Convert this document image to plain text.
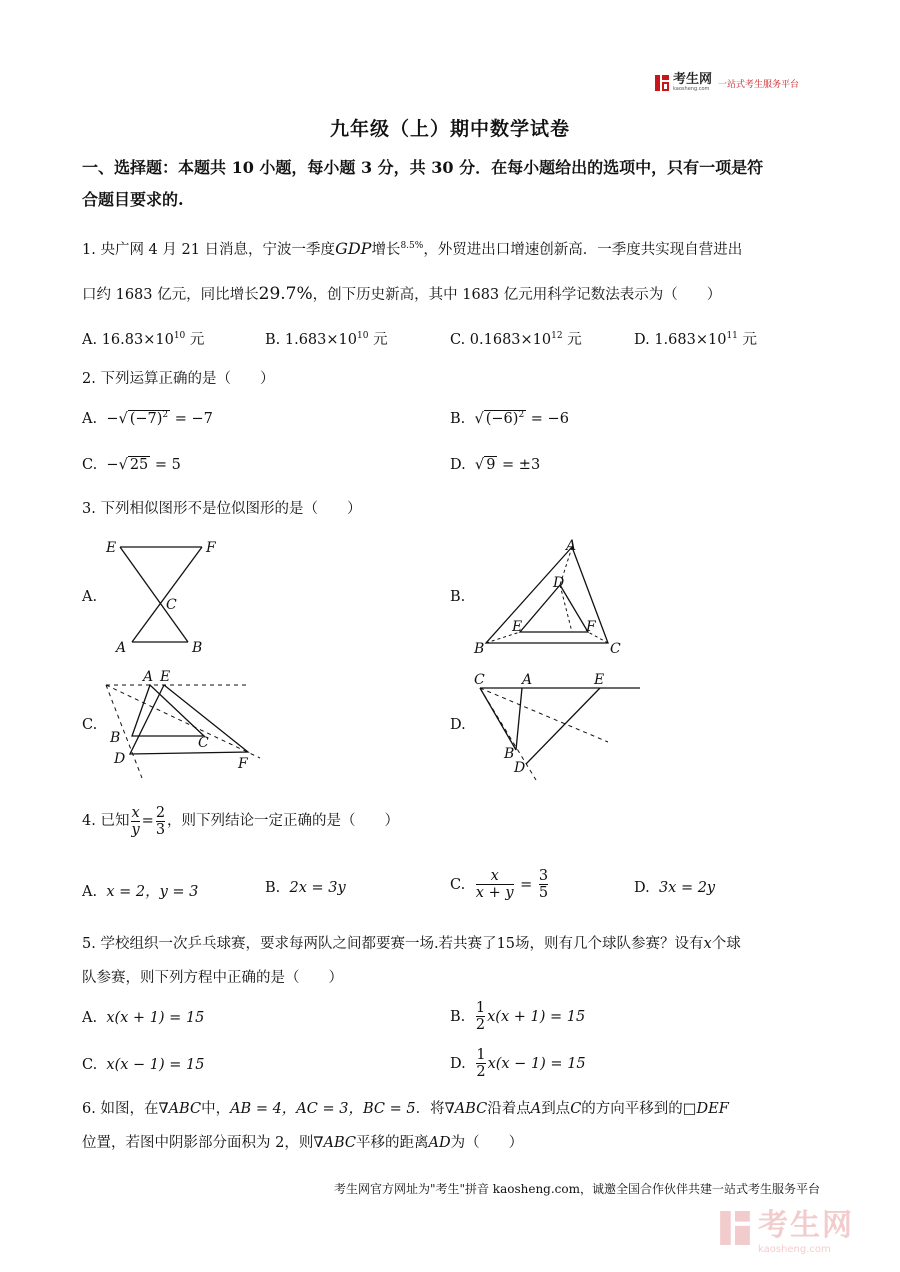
考生网
kaosheng.com 一站式考生服务平台
九年级（上）期中数学试卷
一、选择题：本题共 10 小题，每小题 3 分，共 30 分．在每小题给出的选项中，只有一项是符
合题目要求的.
1. 央广网 4 月 21 日消息，宁波一季度GDP增长$^{8.5\%}$，外贸进出口增速创新高．一季度共实现自营进出
口约 1683 亿元，同比增长29.7%，创下历史新高，其中 1683 亿元用科学记数法表示为（　　）
A. $16.83\times 10^{10}$ 元	B. $1.683\times 10^{10}$ 元	C. $0.1683\times 10^{12}$ 元	D. $1.683\times 10^{11}$ 元
2. 下列运算正确的是（　　）
A. −√ $(-7)^2 = -7$	B.  √ $(-6)^2 = -6$
C. −√ 25 = 5	D.  √ 9 = ±3
3. 下列相似图形不是位似图形的是（　　）
A.	B.
C.	D.
E	F
C
A	B
A
D
E	F
B	C
A E
B	C
D	F
C	A	E
B
D
4. 已知 $\frac{x}{y} = \frac{2}{3}$ ，则下列结论一定正确的是（　　）
A. x = 2，y = 3	B. 2x = 3y	C.
$\frac{x}{x + y} = \frac{3}{5}$	D. 3x = 2y
5. 学校组织一次乒乓球赛，要求每两队之间都要赛一场.若共赛了15场，则有几个球队参赛？设有x个球
队参赛，则下列方程中正确的是（　　）
A. x(x + 1) = 15	B.
$\frac{1}{2} x(x + 1) = 15$
C. x(x − 1) = 15	D.
$\frac{1}{2} x(x - 1) = 15$
6. 如图，在∇ABC中，AB = 4，AC = 3，BC = 5．将∇ABC沿着点A到点C的方向平移到的□DEF
位置，若图中阴影部分面积为 2，则∇ABC平移的距离AD为（　　）
考生网官方网址为"考生"拼音 kaosheng.com，诚邀全国合作伙伴共建一站式考生服务平台
考生网
kaosheng.com
